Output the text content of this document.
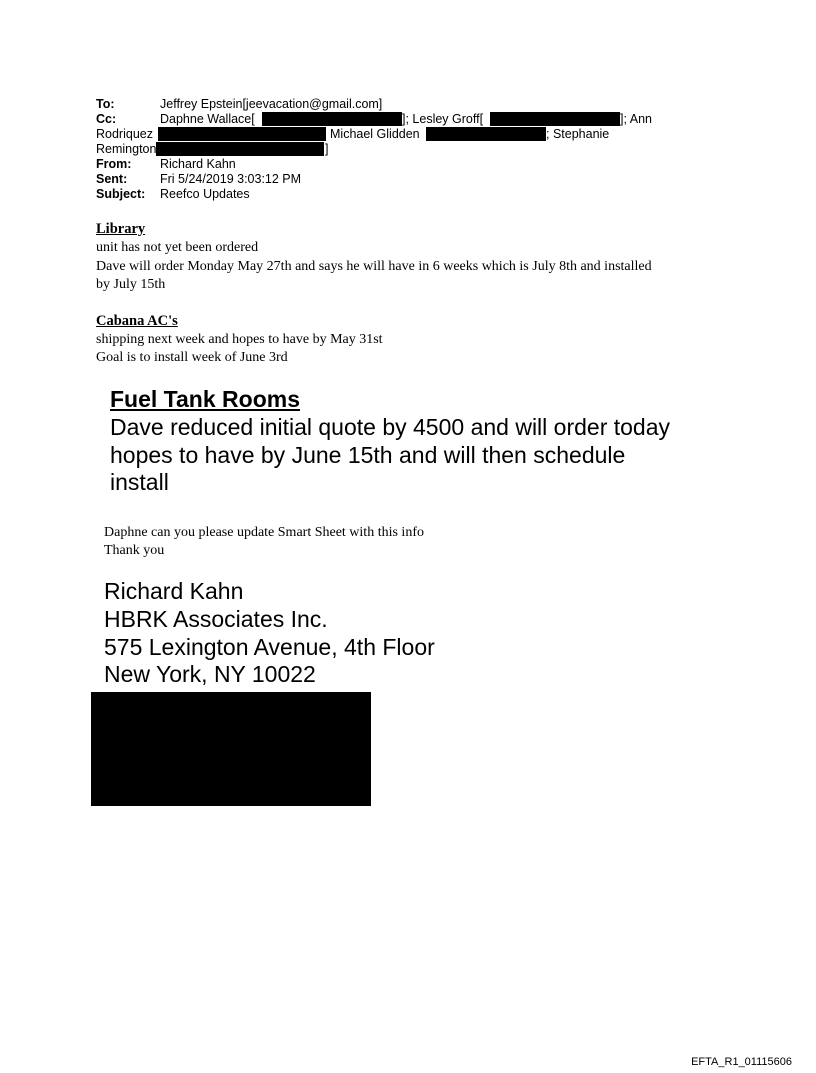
To:	Jeffrey Epstein[jeevacation@gmail.com]
Cc:	Daphne Wallace[	]; Lesley Groff[	]; Ann
Rodriquez	Michael Glidden	; Stephanie
Remington	]
From: Richard Kahn
Sent:	Fri 5/24/2019 3:03:12 PM
Subject: Reefco Updates
Library
unit has not yet been ordered
Dave will order Monday May 27th and says he will have in 6 weeks which is July 8th and installed
by July 15th
Cabana AC's
shipping next week and hopes to have by May 31st
Goal is to install week of June 3rd
Fuel Tank Rooms
Dave reduced initial quote by 4500 and will order today
hopes to have by June 15th and will then schedule
install
Daphne can you please update Smart Sheet with this info
Thank you
Richard Kahn
HBRK Associates Inc.
575 Lexington Avenue, 4th Floor
New York, NY 10022
EFTA_R1_01115606
